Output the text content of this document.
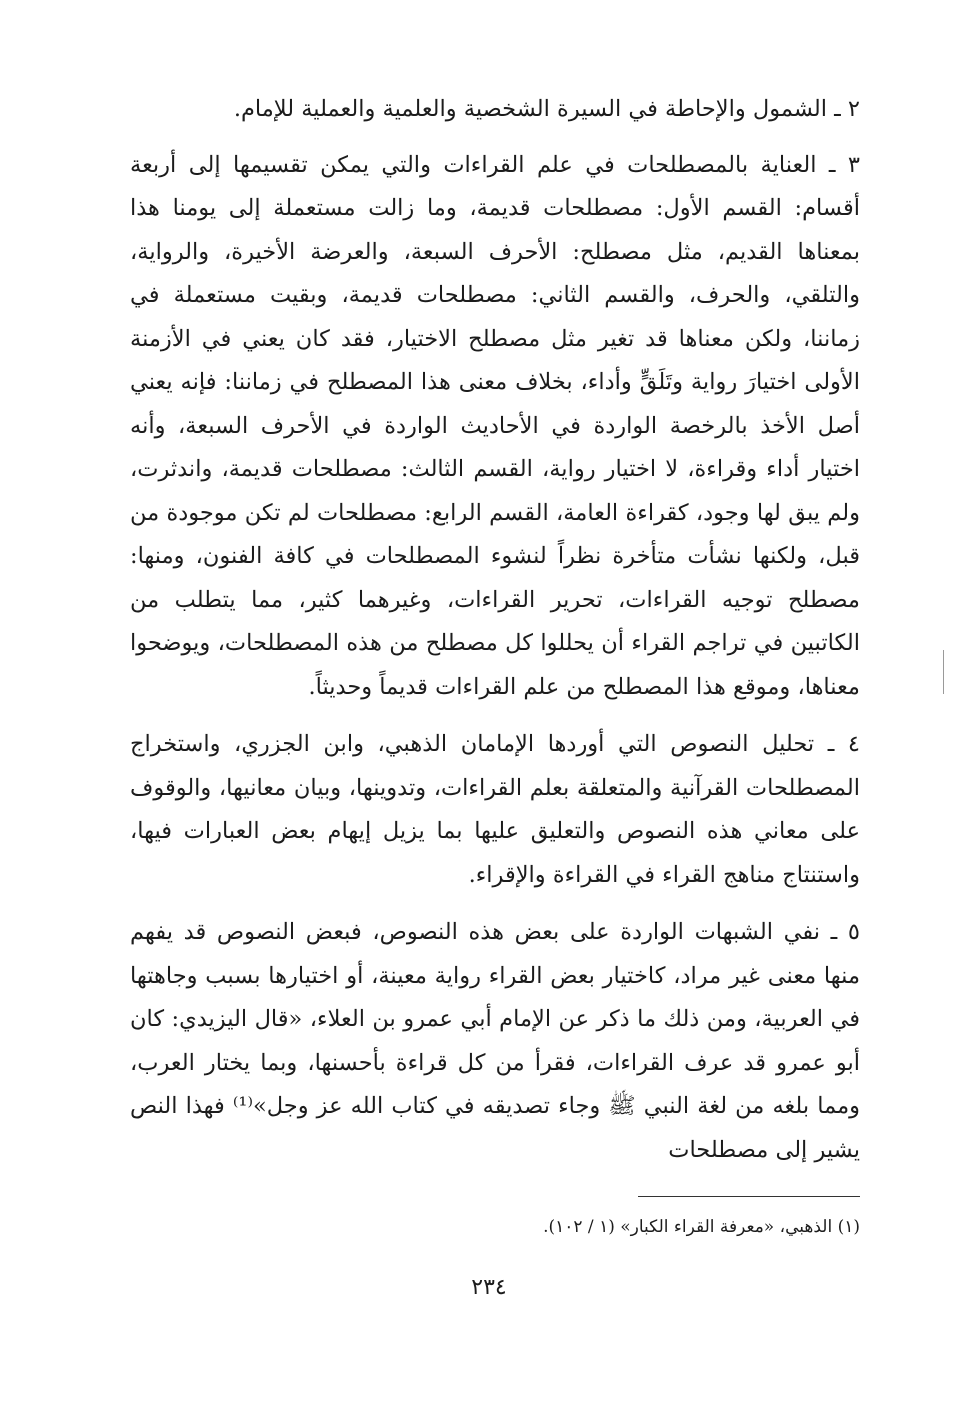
٢ ـ الشمول والإحاطة في السيرة الشخصية والعلمية والعملية للإمام.

٣ ـ العناية بالمصطلحات في علم القراءات والتي يمكن تقسيمها إلى أربعة أقسام: القسم الأول: مصطلحات قديمة، وما زالت مستعملة إلى يومنا هذا بمعناها القديم، مثل مصطلح: الأحرف السبعة، والعرضة الأخيرة، والرواية، والتلقي، والحرف، والقسم الثاني: مصطلحات قديمة، وبقيت مستعملة في زماننا، ولكن معناها قد تغير مثل مصطلح الاختيار، فقد كان يعني في الأزمنة الأولى اختيارَ رواية وتَلَقٍّ وأداء، بخلاف معنى هذا المصطلح في زماننا: فإنه يعني أصل الأخذ بالرخصة الواردة في الأحاديث الواردة في الأحرف السبعة، وأنه اختيار أداء وقراءة، لا اختيار رواية، القسم الثالث: مصطلحات قديمة، واندثرت، ولم يبق لها وجود، كقراءة العامة، القسم الرابع: مصطلحات لم تكن موجودة من قبل، ولكنها نشأت متأخرة نظراً لنشوء المصطلحات في كافة الفنون، ومنها: مصطلح توجيه القراءات، تحرير القراءات، وغيرهما كثير، مما يتطلب من الكاتبين في تراجم القراء أن يحللوا كل مصطلح من هذه المصطلحات، ويوضحوا معناها، وموقع هذا المصطلح من علم القراءات قديماً وحديثاً.

٤ ـ تحليل النصوص التي أوردها الإمامان الذهبي، وابن الجزري، واستخراج المصطلحات القرآنية والمتعلقة بعلم القراءات، وتدوينها، وبيان معانيها، والوقوف على معاني هذه النصوص والتعليق عليها بما يزيل إيهام بعض العبارات فيها، واستنتاج مناهج القراء في القراءة والإقراء.

٥ ـ نفي الشبهات الواردة على بعض هذه النصوص، فبعض النصوص قد يفهم منها معنى غير مراد، كاختيار بعض القراء رواية معينة، أو اختيارها بسبب وجاهتها في العربية، ومن ذلك ما ذكر عن الإمام أبي عمرو بن العلاء، «قال اليزيدي: كان أبو عمرو قد عرف القراءات، فقرأ من كل قراءة بأحسنها، وبما يختار العرب، ومما بلغه من لغة النبي ﷺ وجاء تصديقه في كتاب الله عز وجل»⁽¹⁾ فهذا النص يشير إلى مصطلحات

(١) الذهبي، «معرفة القراء الكبار» (١ / ١٠٢).

٢٣٤
